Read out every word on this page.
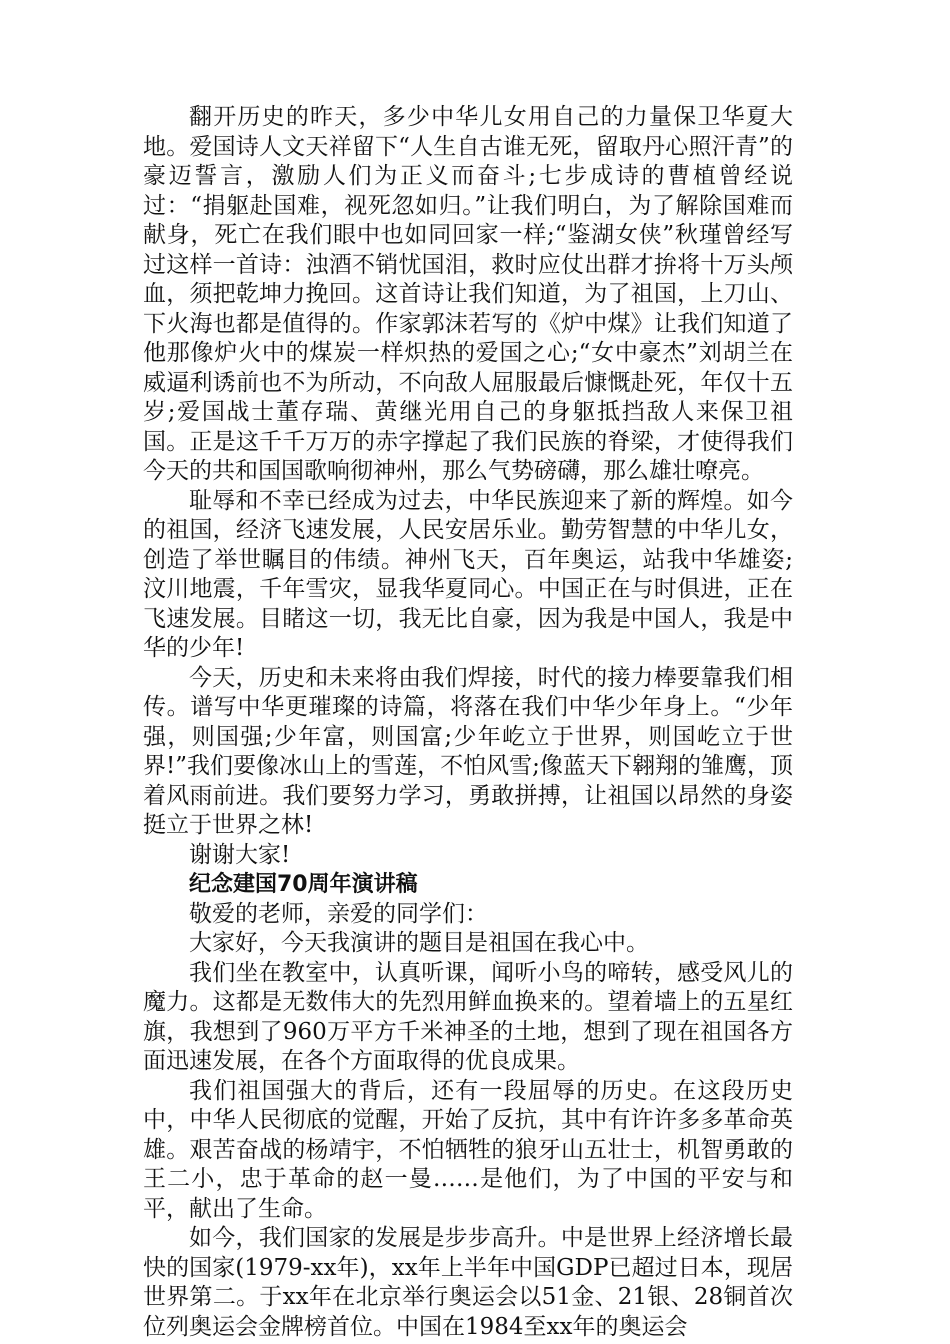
翻开历史的昨天，多少中华儿女用自己的力量保卫华夏大地。爱国诗人文天祥留下“人生自古谁无死，留取丹心照汗青”的豪迈誓言，激励人们为正义而奋斗;七步成诗的曹植曾经说过：“捐躯赴国难，视死忽如归。”让我们明白，为了解除国难而献身，死亡在我们眼中也如同回家一样;“鉴湖女侠”秋瑾曾经写过这样一首诗：浊酒不销忧国泪，救时应仗出群才拚将十万头颅血，须把乾坤力挽回。这首诗让我们知道，为了祖国，上刀山、下火海也都是值得的。作家郭沫若写的《炉中煤》让我们知道了他那像炉火中的煤炭一样炽热的爱国之心;“女中豪杰”刘胡兰在威逼利诱前也不为所动，不向敌人屈服最后慷慨赴死，年仅十五岁;爱国战士董存瑞、黄继光用自己的身躯抵挡敌人来保卫祖国。正是这千千万万的赤字撑起了我们民族的脊梁，才使得我们今天的共和国国歌响彻神州，那么气势磅礴，那么雄壮嘹亮。

耻辱和不幸已经成为过去，中华民族迎来了新的辉煌。如今的祖国，经济飞速发展，人民安居乐业。勤劳智慧的中华儿女，创造了举世瞩目的伟绩。神州飞天，百年奥运，站我中华雄姿;汶川地震，千年雪灾，显我华夏同心。中国正在与时俱进，正在飞速发展。目睹这一切，我无比自豪，因为我是中国人，我是中华的少年!

今天，历史和未来将由我们焊接，时代的接力棒要靠我们相传。谱写中华更璀璨的诗篇，将落在我们中华少年身上。“少年强，则国强;少年富，则国富;少年屹立于世界，则国屹立于世界!”我们要像冰山上的雪莲，不怕风雪;像蓝天下翱翔的雏鹰，顶着风雨前进。我们要努力学习，勇敢拼搏，让祖国以昂然的身姿挺立于世界之林!

谢谢大家!

纪念建国70周年演讲稿

敬爱的老师，亲爱的同学们：

大家好，今天我演讲的题目是祖国在我心中。

我们坐在教室中，认真听课，闻听小鸟的啼转，感受风儿的魔力。这都是无数伟大的先烈用鲜血换来的。望着墙上的五星红旗，我想到了960万平方千米神圣的土地，想到了现在祖国各方面迅速发展，在各个方面取得的优良成果。

我们祖国强大的背后，还有一段屈辱的历史。在这段历史中，中华人民彻底的觉醒，开始了反抗，其中有许许多多革命英雄。艰苦奋战的杨靖宇，不怕牺牲的狼牙山五壮士，机智勇敢的王二小，忠于革命的赵一曼……是他们，为了中国的平安与和平，献出了生命。

如今，我们国家的发展是步步高升。中是世界上经济增长最快的国家(1979-xx年)，xx年上半年中国GDP已超过日本，现居世界第二。于xx年在北京举行奥运会以51金、21银、28铜首次位列奥运会金牌榜首位。中国在1984至xx年的奥运会
